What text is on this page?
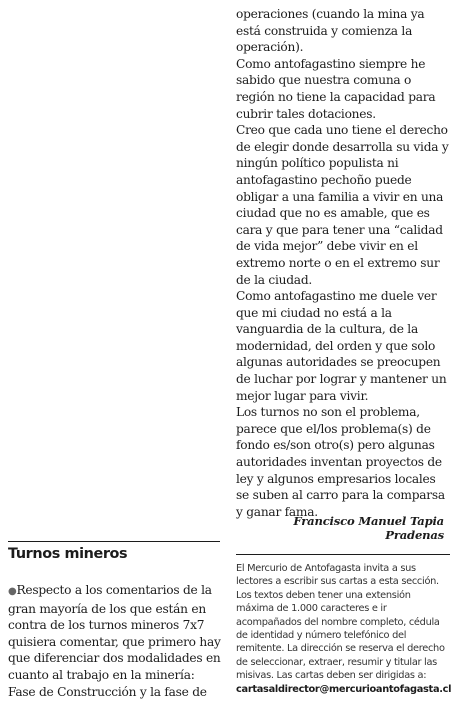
operaciones (cuando la mina ya está construida y comienza la operación).

Como antofagastino siempre he sabido que nuestra comuna o región no tiene la capacidad para cubrir tales dotaciones.

Creo que cada uno tiene el derecho de elegir donde desarrolla su vida y ningún político populista ni antofagastino pechoño puede obligar a una familia a vivir en una ciudad que no es amable, que es cara y que para tener una “calidad de vida mejor” debe vivir en el extremo norte o en el extremo sur de la ciudad.

Como antofagastino me duele ver que mi ciudad no está a la vanguardia de la cultura, de la modernidad, del orden y que solo algunas autoridades se preocupen de luchar por lograr y mantener un mejor lugar para vivir.

Los turnos no son el problema, parece que el/los problema(s) de fondo es/son otro(s) pero algunas autoridades inventan proyectos de ley y algunos empresarios locales se suben al carro para la comparsa y ganar fama.

Francisco Manuel Tapia Pradenas
Turnos mineros

●Respecto a los comentarios de la gran mayoría de los que están en contra de los turnos mineros 7x7 quisiera comentar, que primero hay que diferenciar dos modalidades en cuanto al trabajo en la minería:

Fase de Construcción y la fase de

El Mercurio de Antofagasta invita a sus lectores a escribir sus cartas a esta sección. Los textos deben tener una extensión máxima de 1.000 caracteres e ir acompañados del nombre completo, cédula de identidad y número telefónico del remitente. La dirección se reserva el derecho de seleccionar, extraer, resumir y titular las misivas. Las cartas deben ser dirigidas a:

cartasaldirector@mercurioantofagasta.cl
